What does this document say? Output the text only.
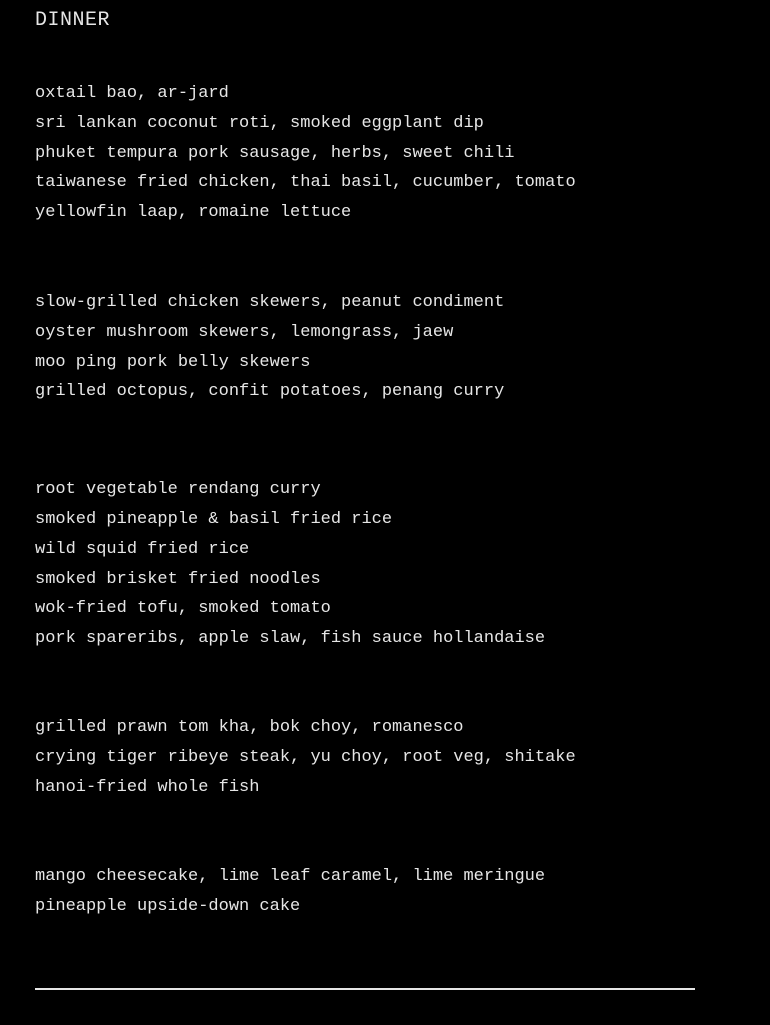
DINNER
oxtail bao, ar-jard
sri lankan coconut roti, smoked eggplant dip
phuket tempura pork sausage, herbs, sweet chili
taiwanese fried chicken, thai basil, cucumber, tomato
yellowfin laap, romaine lettuce
slow-grilled chicken skewers, peanut condiment
oyster mushroom skewers, lemongrass, jaew
moo ping pork belly skewers
grilled octopus, confit potatoes, penang curry
root vegetable rendang curry
smoked pineapple & basil fried rice
wild squid fried rice
smoked brisket fried noodles
wok-fried tofu, smoked tomato
pork spareribs, apple slaw, fish sauce hollandaise
grilled prawn tom kha, bok choy, romanesco
crying tiger ribeye steak, yu choy, root veg, shitake
hanoi-fried whole fish
mango cheesecake, lime leaf caramel, lime meringue
pineapple upside-down cake
